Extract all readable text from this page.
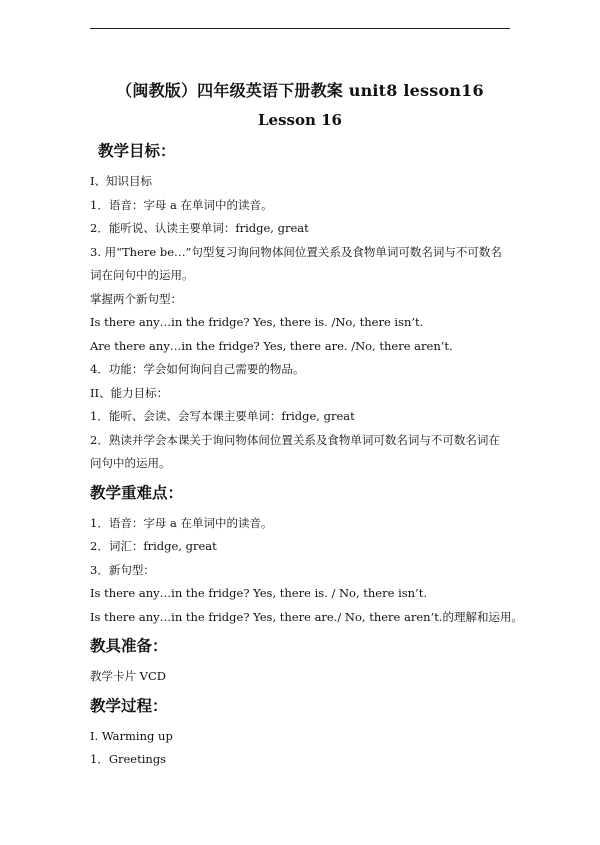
（闽教版）四年级英语下册教案 unit8 lesson16
Lesson 16
教学目标：
I、知识目标
1．语音：字母 a 在单词中的读音。
2．能听说、认读主要单词：fridge, great
3. 用“There be…”句型复习询问物体间位置关系及食物单词可数名词与不可数名词在问句中的运用。
掌握两个新句型：
Is there any…in the fridge? Yes, there is. /No, there isn’t.
Are there any…in the fridge? Yes, there are. /No, there aren’t.
4．功能：学会如何询问自己需要的物品。
II、能力目标：
1．能听、会读、会写本课主要单词：fridge, great
2．熟读并学会本课关于询问物体间位置关系及食物单词可数名词与不可数名词在问句中的运用。
教学重难点：
1．语音：字母 a 在单词中的读音。
2．词汇：fridge, great
3．新句型：
Is there any…in the fridge? Yes, there is. / No, there isn’t.
Is there any…in the fridge? Yes, there are./ No, there aren’t.的理解和运用。
教具准备：
教学卡片 VCD
教学过程：
I. Warming up
1．Greetings
